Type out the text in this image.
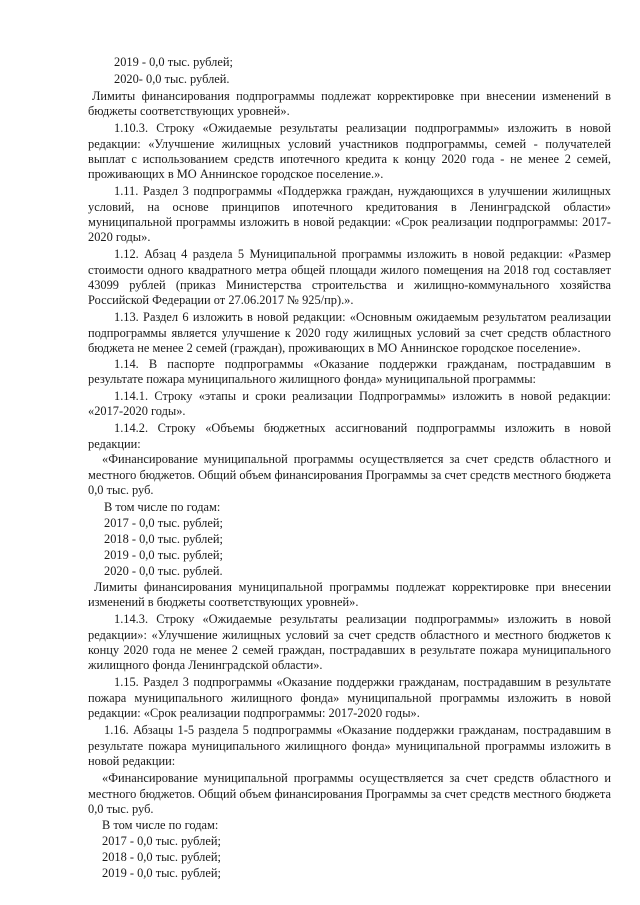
2019 - 0,0 тыс. рублей;
2020- 0,0 тыс. рублей.
Лимиты финансирования подпрограммы подлежат корректировке при внесении изменений в
бюджеты соответствующих уровней».
1.10.3. Строку «Ожидаемые результаты реализации подпрограммы» изложить в новой
редакции: «Улучшение жилищных условий участников подпрограммы, семей - получателей
выплат с использованием средств ипотечного кредита к концу 2020 года - не менее 2 семей,
проживающих в МО Аннинское городское поселение.».
1.11. Раздел 3 подпрограммы «Поддержка граждан, нуждающихся в улучшении жилищных
условий, на основе принципов ипотечного кредитования в Ленинградской области»
муниципальной программы изложить в новой редакции: «Срок реализации подпрограммы: 2017-
2020 годы».
1.12. Абзац 4 раздела 5 Муниципальной программы изложить в новой редакции: «Размер
стоимости одного квадратного метра общей площади жилого помещения на 2018 год составляет
43099 рублей (приказ Министерства строительства и жилищно-коммунального хозяйства
Российской Федерации от 27.06.2017 № 925/пр).».
1.13. Раздел 6 изложить в новой редакции: «Основным ожидаемым результатом реализации
подпрограммы является улучшение к 2020 году жилищных условий за счет средств областного
бюджета не менее 2 семей (граждан), проживающих в МО Аннинское городское поселение».
1.14. В паспорте подпрограммы «Оказание поддержки гражданам, пострадавшим в
результате пожара муниципального жилищного фонда» муниципальной программы:
1.14.1. Строку «этапы и сроки реализации Подпрограммы» изложить в новой редакции:
«2017-2020 годы».
1.14.2. Строку «Объемы бюджетных ассигнований подпрограммы изложить в новой
редакции:
«Финансирование муниципальной программы осуществляется за счет средств областного и
местного бюджетов. Общий объем финансирования Программы за счет средств местного бюджета
0,0 тыс. руб.
В том числе по годам:
2017 - 0,0 тыс. рублей;
2018 - 0,0 тыс. рублей;
2019 - 0,0 тыс. рублей;
2020 - 0,0 тыс. рублей.
Лимиты финансирования муниципальной программы подлежат корректировке при внесении
изменений в бюджеты соответствующих уровней».
1.14.3. Строку «Ожидаемые результаты реализации подпрограммы» изложить в новой
редакции»: «Улучшение жилищных условий за счет средств областного и местного бюджетов к
концу 2020 года не менее 2 семей граждан, пострадавших в результате пожара муниципального
жилищного фонда Ленинградской области».
1.15. Раздел 3 подпрограммы «Оказание поддержки гражданам, пострадавшим в результате
пожара муниципального жилищного фонда» муниципальной программы изложить в новой
редакции: «Срок реализации подпрограммы: 2017-2020 годы».
1.16. Абзацы 1-5 раздела 5 подпрограммы «Оказание поддержки гражданам, пострадавшим в
результате пожара муниципального жилищного фонда» муниципальной программы изложить в
новой редакции:
«Финансирование муниципальной программы осуществляется за счет средств областного и
местного бюджетов. Общий объем финансирования Программы за счет средств местного бюджета
0,0 тыс. руб.
В том числе по годам:
2017 - 0,0 тыс. рублей;
2018 - 0,0 тыс. рублей;
2019 - 0,0 тыс. рублей;
